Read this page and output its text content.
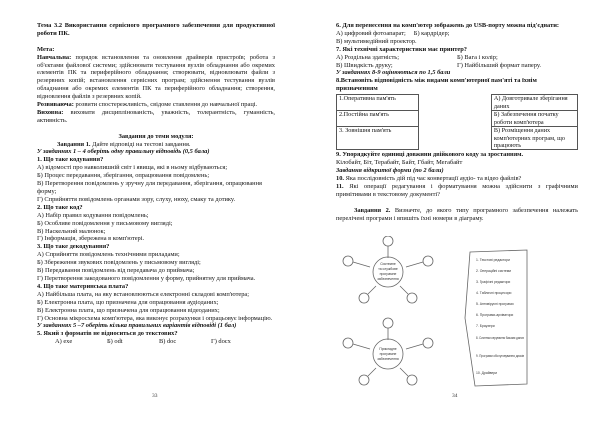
Тема 3.2 Використання сервісного програмного забезпечення для продуктивної роботи ПК.

Мета:

Навчальна: порядок встановлення та оновлення драйверів пристроїв; робота з об'єктами файлової системи; здійснювати тестування вузлів обладнання або окремих елементів ПК та периферійного обладнання; створювати, відновлювати файли з резервних копій; встановлення сервісних програм; здійснення тестування вузлів обладнання або окремих елементів ПК та периферійного обладнання; створення, відновлення файлів з резервних копій.

Розвиваюча: розвити спостережливість, свідоме ставлення до навчальної праці.

Виховна: виховати дисциплінованість, уважність, толерантність, гуманність, активність.

Завдання до теми модуля:

Завдання 1. Дайте відповіді на тестові завдання.

У завданнях 1 – 4 оберіть одну правильну відповідь (0,5 бала)

1. Що таке кодування?

А) відомості про навколишній світ і явища, які в ньому відбуваються;

Б) Процес передавання, зберігання, опрацювання повідомлень;

В) Перетворення повідомлень у зручну для передавання, зберігання, опрацювання форму;

Г) Сприйняття повідомлень органами зору, слуху, нюху, смаку та дотику.

2. Що таке код?

А) Набір правил кодування повідомлень;

Б) Особливе повідомлення у письмовому вигляді;

В) Наскельний малюнок;

Г) Інформація, збережена в комп'ютері.

3. Що таке декодування?

А) Сприйняття повідомлень технічними приладами;

Б) Збереження звукових повідомлень у письмовому вигляді;

В) Передавання повідомлень від передавача до приймача;

Г) Перетворення закодованого повідомлення у форму, прийнятну для приймача.

4. Що таке материнська плата?

А) Найбільша плата, на яку встановлюються електронні складові комп'ютера;

Б) Електронна плата, що призначена для опрацювання аудіоданих;

В) Електронна плата, що призначена для опрацювання відеоданих;

Г) Основна мікросхема комп'ютера, яка виконує розрахунки і опрацьовує інформацію.

У завданнях 5 –7 оберіть кілька правильних варіантів відповіді (1 бал)

5. Який з форматів не відноситься до текстових?

А) exe	Б) odt	В) doc	Г) docx
33

6. Для перенесення на комп'ютер зображень до USB-порту можна під'єднати:

А) цифровий фотоапарат; Б) кардрідер;

В) мультимедійний проектор.

7. Які технічні характеристики має принтер?

А) Роздільна здатність;	Б) Вага і колір;
В) Швидкість друку;	Г) Найбільший формат паперу.

У завданнях 8-9 оцінюються по 1,5 бали

8.Встановіть відповідність між видами комп'ютерної пам'яті та їхнім призначенням

1.Оперативна пам'ять		А) Довготривале зберігання даних
2.Постійна пам'ять		Б) Забезпечення початку роботи комп'ютера
3. Зовнішня пам'ять		В) Розміщення даних комп'ютерних програм, що працюють

9. Упорядкуйте одиниці довжини двійкового коду за зростанням.

Кілобайт, Біт, Терабайт, Байт, Гбайт, Мегабайт

Завдання відкритої форми (по 2 бали)

10. Яка послідовність дій під час конвертації аудіо- та відео файлів?

11. Які операції редагування і форматування можна здійснити з графічними примітивами в текстовому документі?

Завдання 2. Визначте, до якого типу програмного забезпечення належать перелічені програми і впишіть їхні номери в діаграму.

Системне
та службове
програмне
забезпечення
Прикладне
програмне
забезпечення
1. Текстові редактори
2. Операційні системи
3. Графічні редактори
4. Табличні процесори
5. Антивірусні програми
6. Програми-архіватори
7. Браузери
8. Системи керування базами даних
9. Програми обслуговування дисків
10. Драйвери
34
